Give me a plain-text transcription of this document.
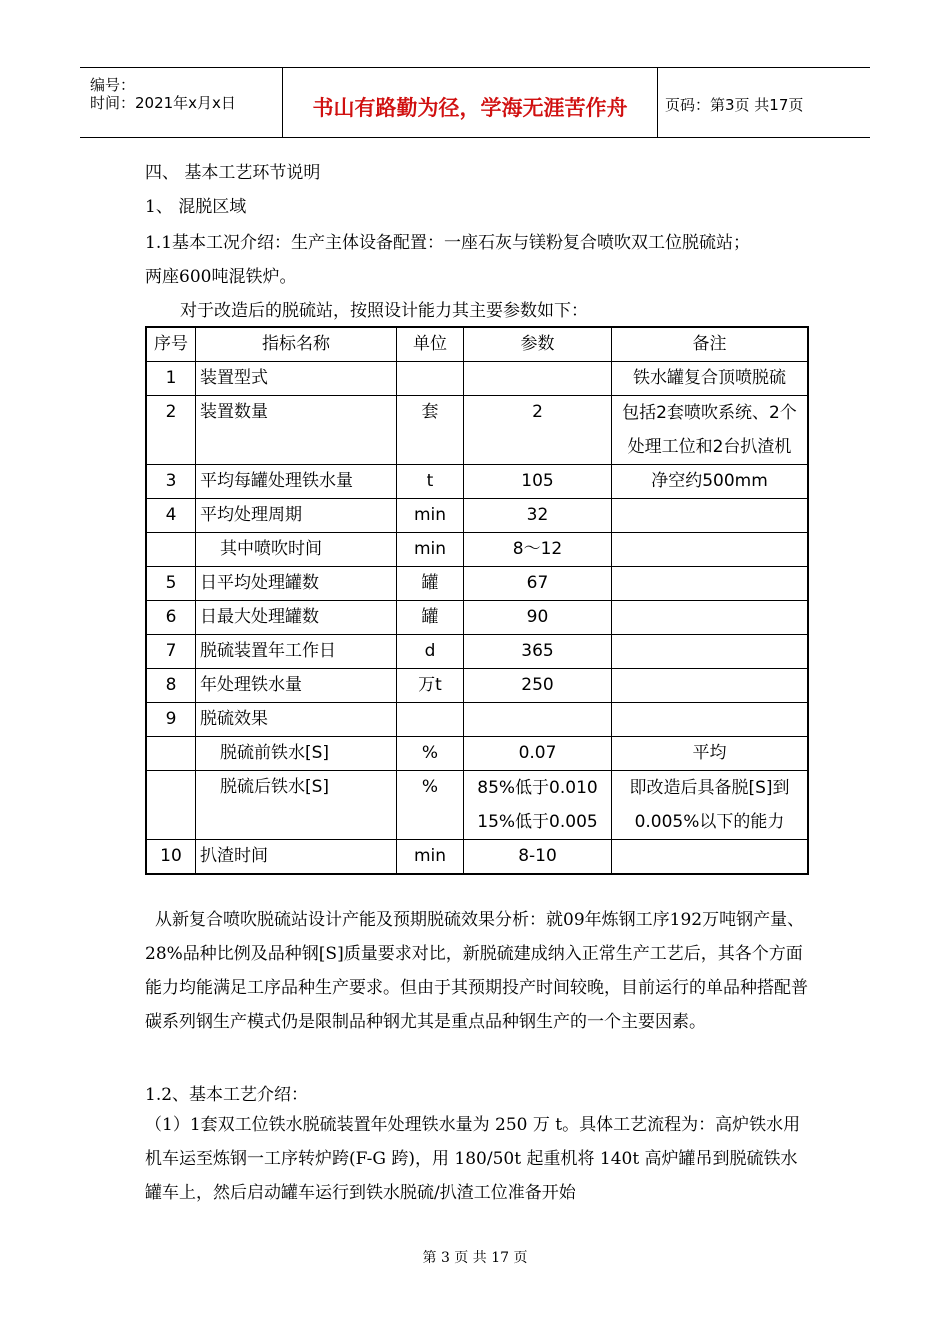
编号：
时间：2021年x月x日	书山有路勤为径，学海无涯苦作舟	页码：第3页 共17页
四、 基本工艺环节说明
1、 混脱区域
1.1基本工况介绍：生产主体设备配置：一座石灰与镁粉复合喷吹双工位脱硫站；
两座600吨混铁炉。
对于改造后的脱硫站，按照设计能力其主要参数如下：
序号	指标名称	单位	参数	备注
1	装置型式			铁水罐复合顶喷脱硫
2	装置数量	套	2	包括2套喷吹系统、2个处理工位和2台扒渣机
3	平均每罐处理铁水量	t	105	净空约500mm
4	平均处理周期	min	32	
	其中喷吹时间	min	8～12	
5	日平均处理罐数	罐	67	
6	日最大处理罐数	罐	90	
7	脱硫装置年工作日	d	365	
8	年处理铁水量	万t	250	
9	脱硫效果			
	脱硫前铁水[S]	%	0.07	平均
	脱硫后铁水[S]	%	85%低于0.010 15%低于0.005	即改造后具备脱[S]到0.005%以下的能力
10	扒渣时间	min	8-10	
从新复合喷吹脱硫站设计产能及预期脱硫效果分析：就09年炼钢工序192万吨钢产量、28%品种比例及品种钢[S]质量要求对比，新脱硫建成纳入正常生产工艺后，其各个方面能力均能满足工序品种生产要求。但由于其预期投产时间较晚，目前运行的单品种搭配普碳系列钢生产模式仍是限制品种钢尤其是重点品种钢生产的一个主要因素。
1.2、基本工艺介绍：
（1）1套双工位铁水脱硫装置年处理铁水量为 250 万 t。具体工艺流程为：高炉铁水用机车运至炼钢一工序转炉跨(F-G 跨)，用 180/50t 起重机将 140t 高炉罐吊到脱硫铁水罐车上，然后启动罐车运行到铁水脱硫/扒渣工位准备开始
第 3 页 共 17 页
